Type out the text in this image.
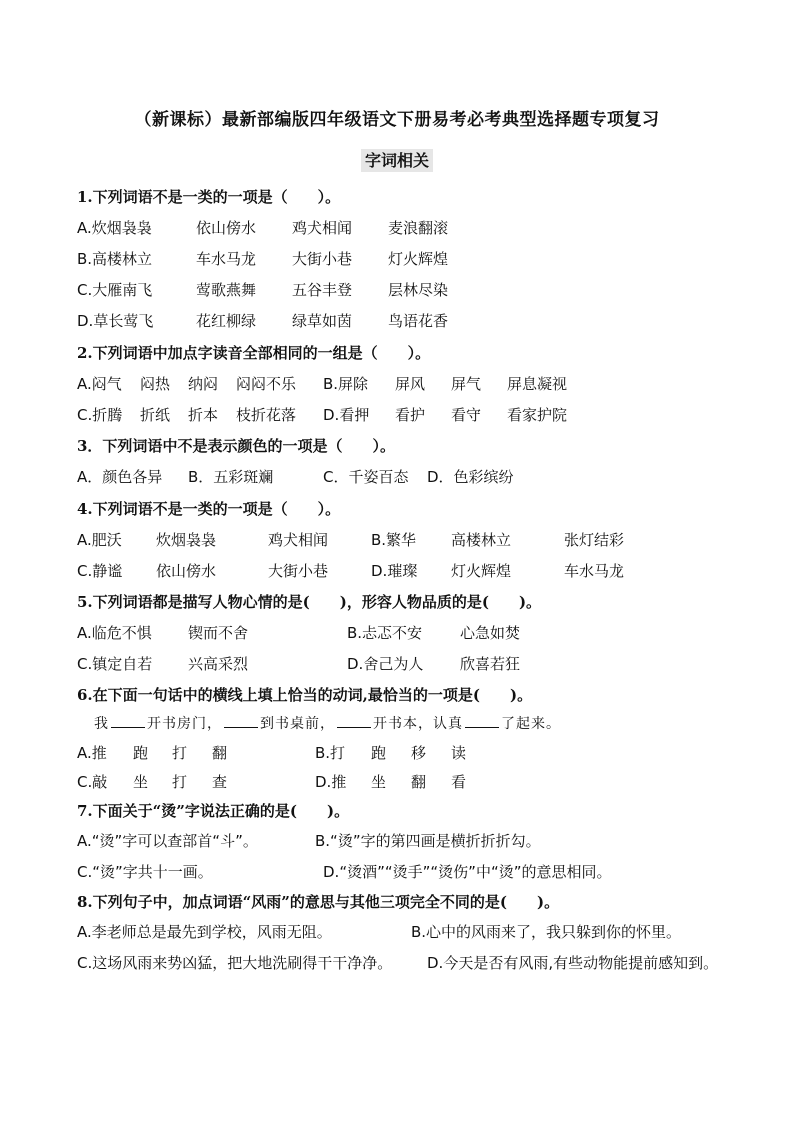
（新课标）最新部编版四年级语文下册易考必考典型选择题专项复习
字词相关
1.下列词语不是一类的一项是（　　）。
A.炊烟袅袅	依山傍水 鸡犬相闻 麦浪翻滚
B.高楼林立	车水马龙 大街小巷 灯火辉煌
C.大雁南飞	莺歌燕舞 五谷丰登 层林尽染
D.草长莺飞	花红柳绿 绿草如茵 鸟语花香
2.下列词语中加点字读音全部相同的一组是（　　）。
A.闷气 闷热 纳闷 闷闷不乐 B.屏除 屏风 屏气 屏息凝视
C.折腾 折纸 折本 枝折花落 D.看押 看护 看守 看家护院
3．下列词语中不是表示颜色的一项是（　　）。
A．颜色各异 B．五彩斑斓	C．千姿百态 D．色彩缤纷
4.下列词语不是一类的一项是（　　）。
A.肥沃 炊烟袅袅	鸡犬相闻	B.繁华 高楼林立	张灯结彩
C.静谧 依山傍水	大街小巷	D.璀璨 灯火辉煌	车水马龙
5.下列词语都是描写人物心情的是(　　)，形容人物品质的是(　　)。
A.临危不惧 锲而不舍	B.忐忑不安	心急如焚
C.镇定自若 兴高采烈	D.舍己为人 欣喜若狂
6.在下面一句话中的横线上填上恰当的动词,最恰当的一项是(　　)。
我	开书房门，	到书桌前，	开书本，认真	了起来。
A.推 跑 打 翻	B.打 跑 移 读
C.敲 坐 打 查	D.推 坐 翻 看
7.下面关于“烫”字说法正确的是(　　)。
A.“烫”字可以查部首“斗”。	B.“烫”字的第四画是横折折折勾。
C.“烫”字共十一画。	D.“烫酒”“烫手”“烫伤”中“烫”的意思相同。
8.下列句子中，加点词语“风雨”的意思与其他三项完全不同的是(　　)。
A.李老师总是最先到学校，风雨无阻。	B.心中的风雨来了，我只躲到你的怀里。
C.这场风雨来势凶猛，把大地洗刷得干干净净。 D.今天是否有风雨,有些动物能提前感知到。
